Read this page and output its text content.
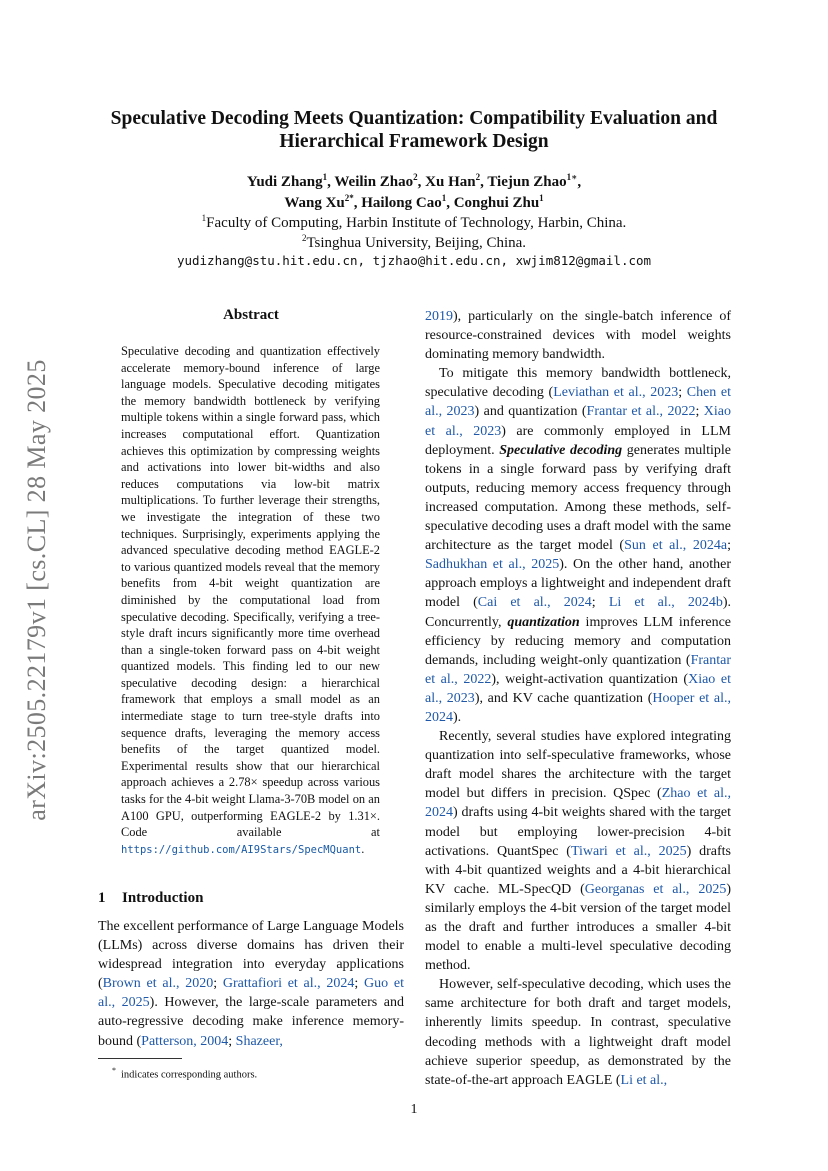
arXiv:2505.22179v1 [cs.CL] 28 May 2025
Speculative Decoding Meets Quantization: Compatibility Evaluation and
Hierarchical Framework Design
Yudi Zhang$^1$, Weilin Zhao$^2$, Xu Han$^2$, Tiejun Zhao$^{1∗}$,
Wang $Xu^{2*}$, Hailong Cao$^1$, Conghui Zhu$^1$
$^1$Faculty of Computing, Harbin Institute of Technology, Harbin, China.
$^2$Tsinghua University, Beijing, China.
yudizhang@stu.hit.edu.cn, tjzhao@hit.edu.cn, xwjim812@gmail.com
Abstract
Speculative decoding and quantization effectively accelerate memory-bound inference of large language models. Speculative decoding mitigates the memory bandwidth bottleneck by verifying multiple tokens within a single forward pass, which increases computational effort. Quantization achieves this optimization by compressing weights and activations into lower bit-widths and also reduces computations via low-bit matrix multiplications. To further leverage their strengths, we investigate the integration of these two techniques. Surprisingly, experiments applying the advanced speculative decoding method EAGLE-2 to various quantized models reveal that the memory benefits from 4-bit weight quantization are diminished by the computational load from speculative decoding. Specifically, verifying a tree-style draft incurs significantly more time overhead than a single-token forward pass on 4-bit weight quantized models. This finding led to our new speculative decoding design: a hierarchical framework that employs a small model as an intermediate stage to turn tree-style drafts into sequence drafts, leveraging the memory access benefits of the target quantized model. Experimental results show that our hierarchical approach achieves a 2.78× speedup across various tasks for the 4-bit weight Llama-3-70B model on an A100 GPU, outperforming EAGLE-2 by 1.31×. Code available at https://github.com/AI9Stars/SpecMQuant.
1 Introduction
The excellent performance of Large Language Models (LLMs) across diverse domains has driven their widespread integration into everyday applications (Brown et al., 2020; Grattafiori et al., 2024; Guo et al., 2025). However, the large-scale parameters and auto-regressive decoding make inference memory-bound (Patterson, 2004; Shazeer,
* indicates corresponding authors.

2019), particularly on the single-batch inference of resource-constrained devices with model weights dominating memory bandwidth.

To mitigate this memory bandwidth bottleneck, speculative decoding (Leviathan et al., 2023; Chen et al., 2023) and quantization (Frantar et al., 2022; Xiao et al., 2023) are commonly employed in LLM deployment. Speculative decoding generates multiple tokens in a single forward pass by verifying draft outputs, reducing memory access frequency through increased computation. Among these methods, self-speculative decoding uses a draft model with the same architecture as the target model (Sun et al., 2024a; Sadhukhan et al., 2025). On the other hand, another approach employs a lightweight and independent draft model (Cai et al., 2024; Li et al., 2024b). Concurrently, quantization improves LLM inference efficiency by reducing memory and computation demands, including weight-only quantization (Frantar et al., 2022), weight-activation quantization (Xiao et al., 2023), and KV cache quantization (Hooper et al., 2024).

Recently, several studies have explored integrating quantization into self-speculative frameworks, whose draft model shares the architecture with the target model but differs in precision. QSpec (Zhao et al., 2024) drafts using 4-bit weights shared with the target model but employing lower-precision 4-bit activations. QuantSpec (Tiwari et al., 2025) drafts with 4-bit quantized weights and a 4-bit hierarchical KV cache. ML-SpecQD (Georganas et al., 2025) similarly employs the 4-bit version of the target model as the draft and further introduces a smaller 4-bit model to enable a multi-level speculative decoding method.

However, self-speculative decoding, which uses the same architecture for both draft and target models, inherently limits speedup. In contrast, speculative decoding methods with a lightweight draft model achieve superior speedup, as demonstrated by the state-of-the-art approach EAGLE (Li et al.,

1
